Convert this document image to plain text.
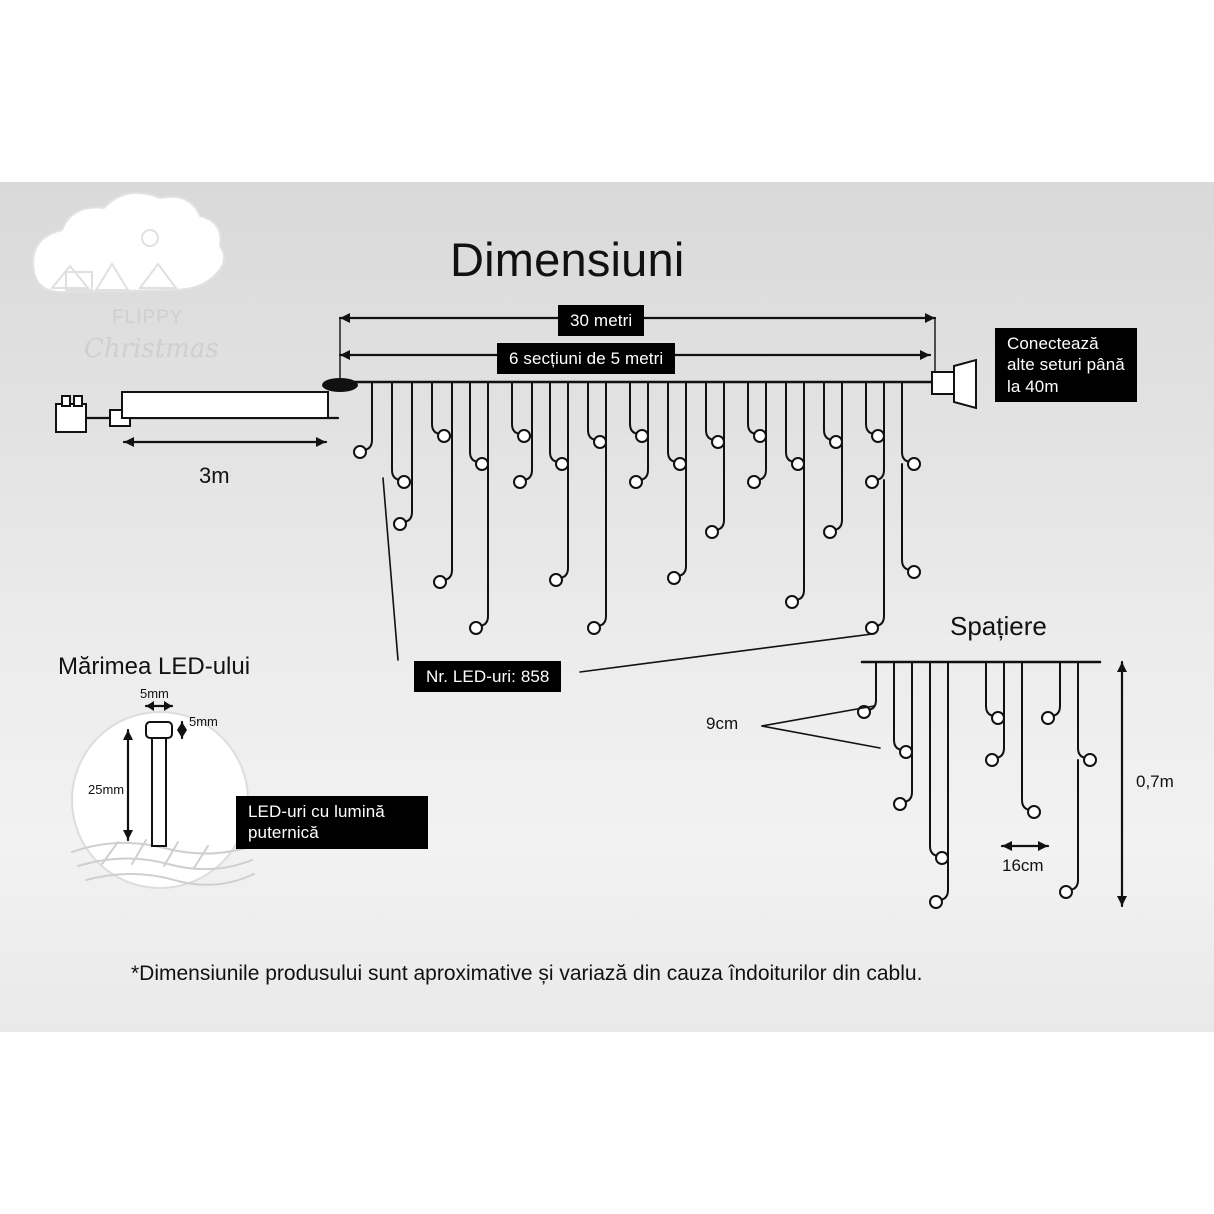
Dimensiuni
FLIPPY
Christmas
30 metri
6 secțiuni de 5 metri
Conectează alte seturi până la 40m
3m
Nr. LED-uri: 858
Spațiere
9cm
0,7m
16cm
Mărimea LED-ului
5mm
5mm
25mm
LED-uri cu lumină puternică
*Dimensiunile produsului sunt aproximative și variază din cauza îndoiturilor din cablu.
